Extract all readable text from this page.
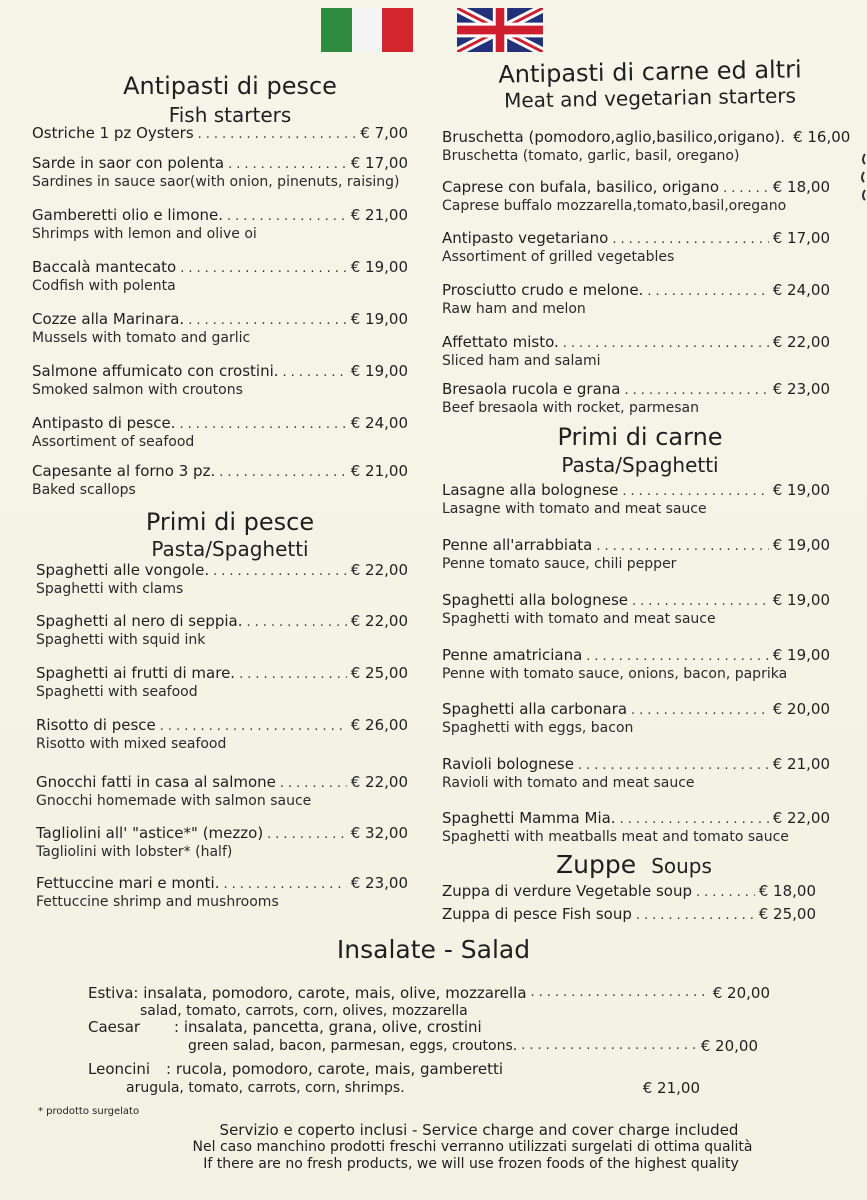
Antipasti di pesce
Fish starters
Ostriche 1 pz Oysters .....	€ 7,00
Sarde in saor con polenta .....	€ 17,00
Sardines in sauce saor(with onion, pinenuts, raising)
Gamberetti olio e limone. .....	€ 21,00
Shrimps with lemon and olive oi
Baccalà mantecato .....	€ 19,00
Codfish with polenta
Cozze alla Marinara. .....	€ 19,00
Mussels with tomato and garlic
Salmone affumicato con crostini. .....	€ 19,00
Smoked salmon with croutons
Antipasto di pesce. .....	€ 24,00
Assortiment of seafood
Capesante al forno 3 pz. .....	€ 21,00
Baked scallops
Primi di pesce
Pasta/Spaghetti
Spaghetti alle vongole. .....	€ 22,00
Spaghetti with clams
Spaghetti al nero di seppia. .....	€ 22,00
Spaghetti with squid ink
Spaghetti ai frutti di mare. .....	€ 25,00
Spaghetti with seafood
Risotto di pesce .....	€ 26,00
Risotto with mixed seafood
Gnocchi fatti in casa al salmone .....	€ 22,00
Gnocchi homemade with salmon sauce
Tagliolini all' "astice*" (mezzo) .....	€ 32,00
Tagliolini with lobster* (half)
Fettuccine mari e monti. .....	€ 23,00
Fettuccine shrimp and mushrooms
Antipasti di carne ed altri
Meat and vegetarian starters
Bruschetta (pomodoro,aglio,basilico,origano). € 16,00
Bruschetta (tomato, garlic, basil, oregano)
Caprese con bufala, basilico, origano .....	€ 18,00
Caprese buffalo mozzarella,tomato,basil,oregano
Antipasto vegetariano .....	€ 17,00
Assortiment of grilled vegetables
Prosciutto crudo e melone. .....	€ 24,00
Raw ham and melon
Affettato misto. .....	€ 22,00
Sliced ham and salami
Bresaola rucola e grana .....	€ 23,00
Beef bresaola with rocket, parmesan
Primi di carne
Pasta/Spaghetti
Lasagne alla bolognese .....	€ 19,00
Lasagne with tomato and meat sauce
Penne all'arrabbiata .....	€ 19,00
Penne tomato sauce, chili pepper
Spaghetti alla bolognese .....	€ 19,00
Spaghetti with tomato and meat sauce
Penne amatriciana .....	€ 19,00
Penne with tomato sauce, onions, bacon, paprika
Spaghetti alla carbonara .....	€ 20,00
Spaghetti with eggs, bacon
Ravioli bolognese .....	€ 21,00
Ravioli with tomato and meat sauce
Spaghetti Mamma Mia. .....	€ 22,00
Spaghetti with meatballs meat and tomato sauce
Zuppe Soups
Zuppa di verdure Vegetable soup .....	€ 18,00
Zuppa di pesce Fish soup .....	€ 25,00
Insalate - Salad
Estiva : insalata, pomodoro, carote, mais, olive, mozzarella .....	€ 20,00
salad, tomato, carrots, corn, olives, mozzarella
Caesar	: insalata, pancetta, grana, olive, crostini
green salad, bacon, parmesan, eggs, croutons. .....	€ 20,00
Leoncini	: rucola, pomodoro, carote, mais, gamberetti
arugula, tomato, carrots, corn, shrimps.	€ 21,00
* prodotto surgelato
Servizio e coperto inclusi - Service charge and cover charge included
Nel caso manchino prodotti freschi verranno utilizzati surgelati di ottima qualità
If there are no fresh products, we will use frozen foods of the highest quality
